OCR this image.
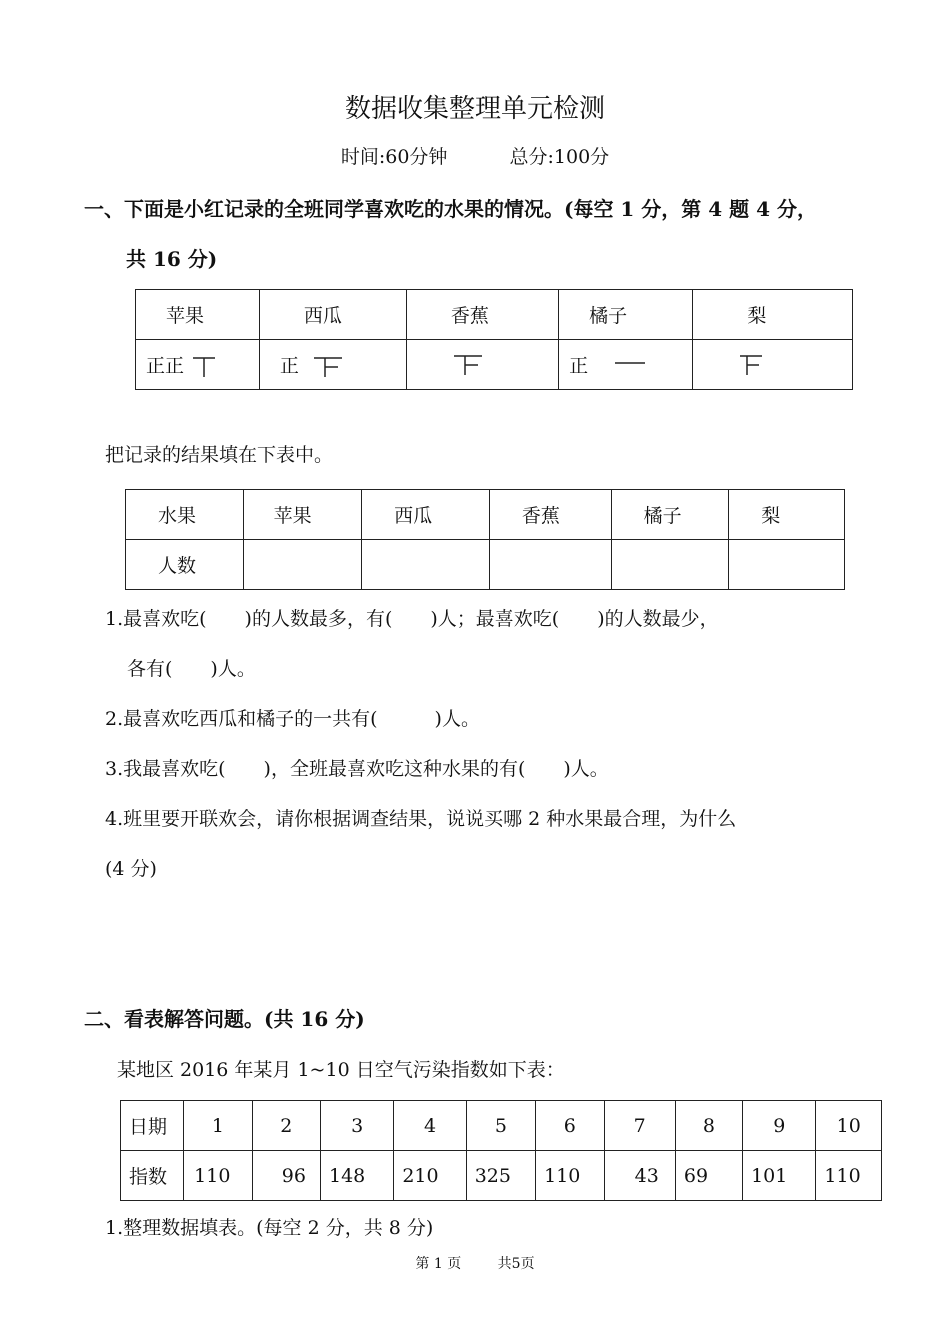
数据收集整理单元检测
时间:60分钟	总分:100分
一、下面是小红记录的全班同学喜欢吃的水果的情况。(每空 1 分，第 4 题 4 分，
共 16 分)
苹果	西瓜	香蕉	橘子	梨
正正	正		正	
把记录的结果填在下表中。
水果	苹果	西瓜	香蕉	橘子	梨
人数					
1.最喜欢吃(　　)的人数最多，有(　　)人；最喜欢吃(　　)的人数最少，
各有(　　)人。
2.最喜欢吃西瓜和橘子的一共有(　　　)人。
3.我最喜欢吃(　　)，全班最喜欢吃这种水果的有(　　)人。
4.班里要开联欢会，请你根据调查结果，说说买哪 2 种水果最合理，为什么
(4 分)
二、看表解答问题。(共 16 分)
某地区 2016 年某月 1~10 日空气污染指数如下表：
日期	1	2	3	4	5	6	7	8	9	10
指数	110	96	148	210	325	110	43	69	101	110
1.整理数据填表。(每空 2 分，共 8 分)
第 1 页	共5页
